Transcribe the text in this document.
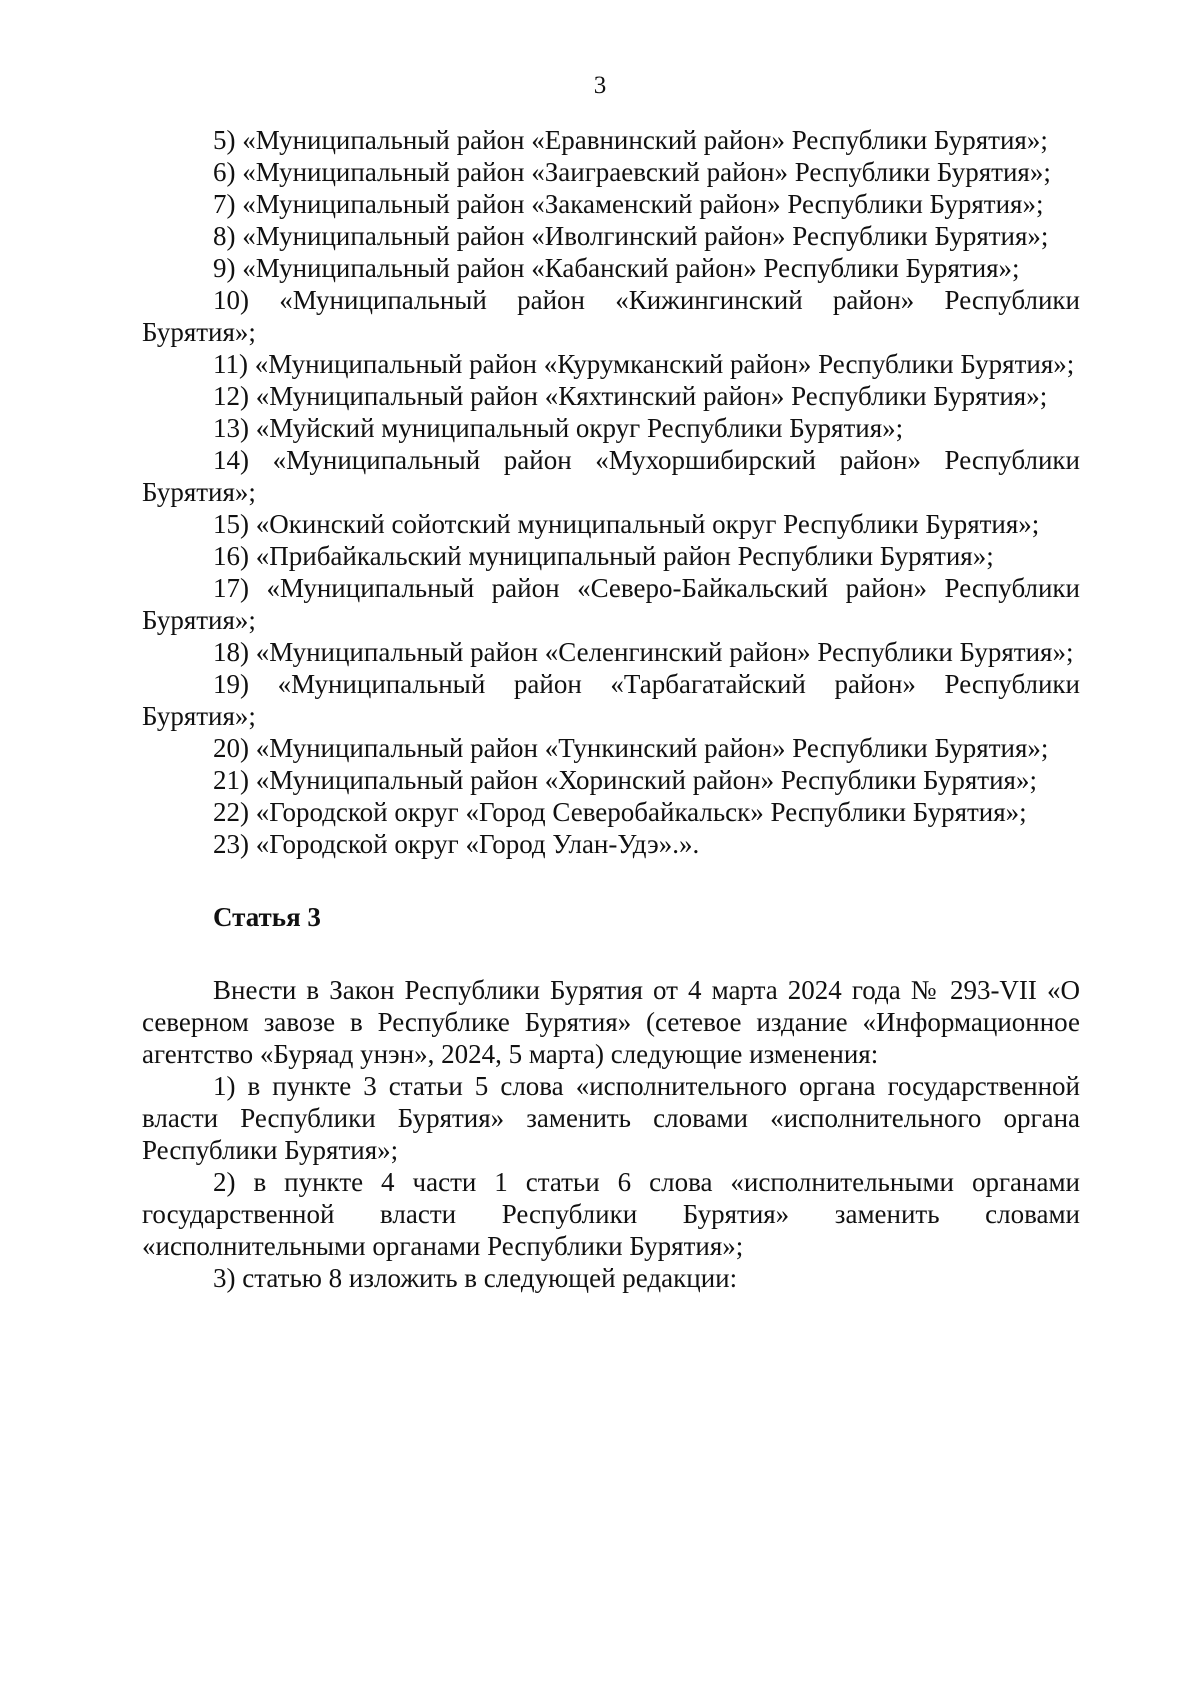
3

5) «Муниципальный район «Еравнинский район» Республики Бурятия»;

6) «Муниципальный район «Заиграевский район» Республики Бурятия»;

7) «Муниципальный район «Закаменский район» Республики Бурятия»;

8) «Муниципальный район «Иволгинский район» Республики Бурятия»;

9) «Муниципальный район «Кабанский район» Республики Бурятия»;

10) «Муниципальный район «Кижингинский район» Республики Бурятия»;

11) «Муниципальный район «Курумканский район» Республики Бурятия»;

12) «Муниципальный район «Кяхтинский район» Республики Бурятия»;

13) «Муйский муниципальный округ Республики Бурятия»;

14) «Муниципальный район «Мухоршибирский район» Республики Бурятия»;

15) «Окинский сойотский муниципальный округ Республики Бурятия»;

16) «Прибайкальский муниципальный район Республики Бурятия»;

17) «Муниципальный район «Северо-Байкальский район» Республики Бурятия»;

18) «Муниципальный район «Селенгинский район» Республики Бурятия»;

19) «Муниципальный район «Тарбагатайский район» Республики Бурятия»;

20) «Муниципальный район «Тункинский район» Республики Бурятия»;

21) «Муниципальный район «Хоринский район» Республики Бурятия»;

22) «Городской округ «Город Северобайкальск» Республики Бурятия»;

23) «Городской округ «Город Улан-Удэ».».

Статья 3

Внести в Закон Республики Бурятия от 4 марта 2024 года № 293-VII «О северном завозе в Республике Бурятия» (сетевое издание «Информационное агентство «Буряад унэн», 2024, 5 марта) следующие изменения:

1) в пункте 3 статьи 5 слова «исполнительного органа государственной власти Республики Бурятия» заменить словами «исполнительного органа Республики Бурятия»;

2) в пункте 4 части 1 статьи 6 слова «исполнительными органами государственной власти Республики Бурятия» заменить словами «исполнительными органами Республики Бурятия»;

3) статью 8 изложить в следующей редакции:
